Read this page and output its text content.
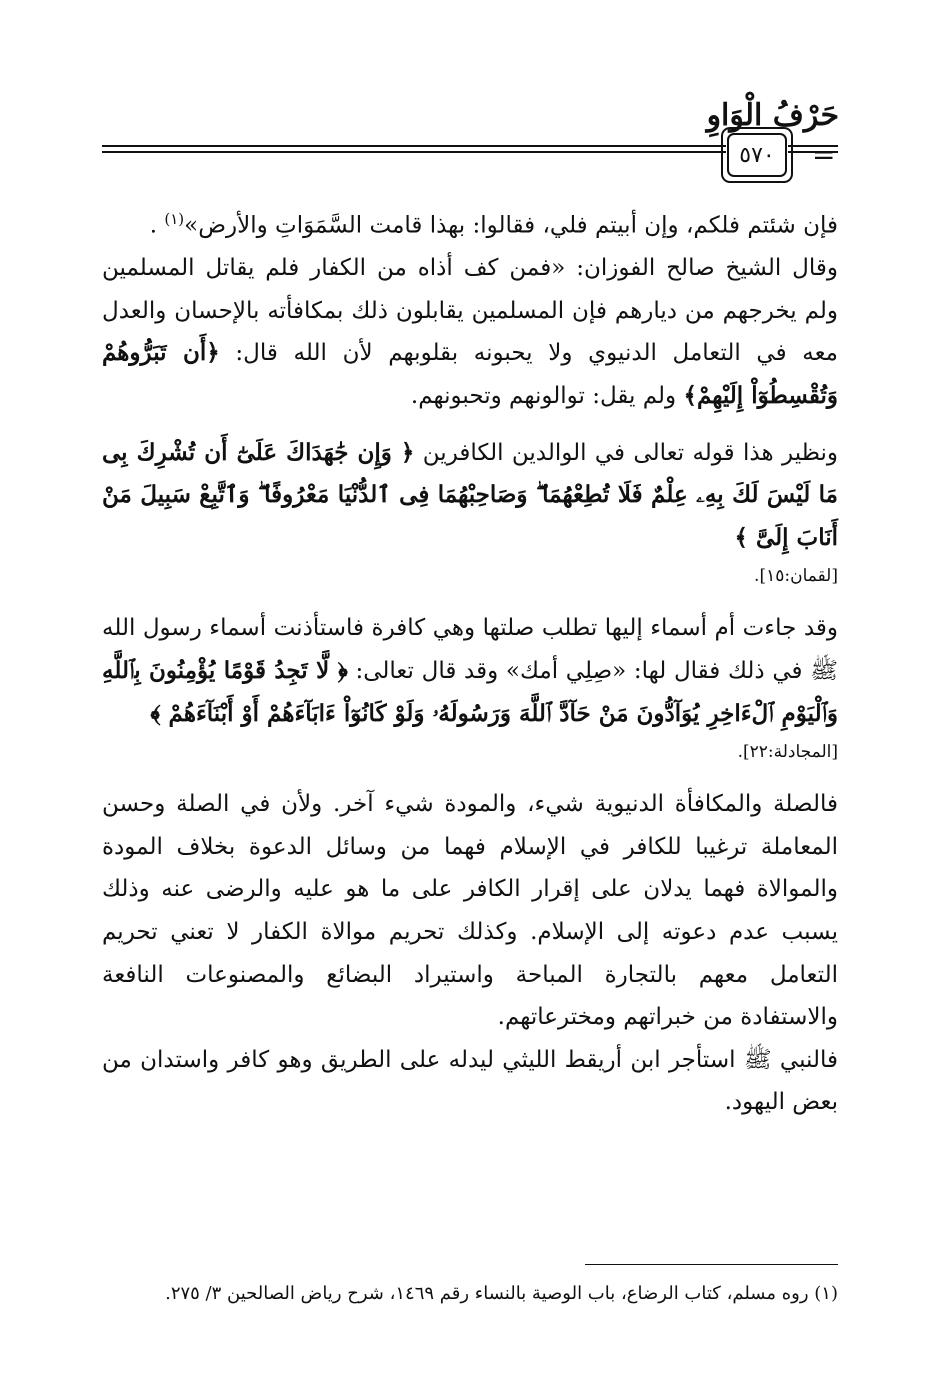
حَرْفُ الْوَاوِ
٥٧٠	=

فإن شئتم فلكم، وإن أبيتم فلي، فقالوا: بهذا قامت السَّمَوَاتِ والأرض»$^{(١)}$ .

وقال الشيخ صالح الفوزان: «فمن كف أذاه من الكفار فلم يقاتل المسلمين ولم يخرجهم من ديارهم فإن المسلمين يقابلون ذلك بمكافأته بالإحسان والعدل معه في التعامل الدنيوي ولا يحبونه بقلوبهم لأن الله قال: ﴿أَن تَبَرُّوهُمْ وَتُقْسِطُوٓاْ إِلَيْهِمْ﴾ ولم يقل: توالونهم وتحبونهم.

ونظير هذا قوله تعالى في الوالدين الكافرين ﴿ وَإِن جَٰهَدَاكَ عَلَىٰٓ أَن تُشْرِكَ بِى مَا لَيْسَ لَكَ بِهِۦ عِلْمٌ فَلَا تُطِعْهُمَا ۖ وَصَاحِبْهُمَا فِى ٱلدُّنْيَا مَعْرُوفًا ۖ وَٱتَّبِعْ سَبِيلَ مَنْ أَنَابَ إِلَىَّ ﴾
[لقمان:١٥].

وقد جاءت أم أسماء إليها تطلب صلتها وهي كافرة فاستأذنت أسماء رسول الله ﷺ في ذلك فقال لها: «صِلِي أمك» وقد قال تعالى: ﴿ لَّا تَجِدُ قَوْمًا يُؤْمِنُونَ بِٱللَّهِ وَٱلْيَوْمِ ٱلْءَاخِرِ يُوَآدُّونَ مَنْ حَآدَّ ٱللَّهَ وَرَسُولَهُۥ وَلَوْ كَانُوٓاْ ءَابَآءَهُمْ أَوْ أَبْنَآءَهُمْ ﴾
[المجادلة:٢٢].

فالصلة والمكافأة الدنيوية شيء، والمودة شيء آخر. ولأن في الصلة وحسن المعاملة ترغيبا للكافر في الإسلام فهما من وسائل الدعوة بخلاف المودة والموالاة فهما يدلان على إقرار الكافر على ما هو عليه والرضى عنه وذلك يسبب عدم دعوته إلى الإسلام. وكذلك تحريم موالاة الكفار لا تعني تحريم التعامل معهم بالتجارة المباحة واستيراد البضائع والمصنوعات النافعة والاستفادة من خبراتهم ومخترعاتهم.

فالنبي ﷺ استأجر ابن أريقط الليثي ليدله على الطريق وهو كافر واستدان من بعض اليهود.

(١) روه مسلم، كتاب الرضاع، باب الوصية بالنساء رقم ١٤٦٩، شرح رياض الصالحين ٣/ ٢٧٥.
